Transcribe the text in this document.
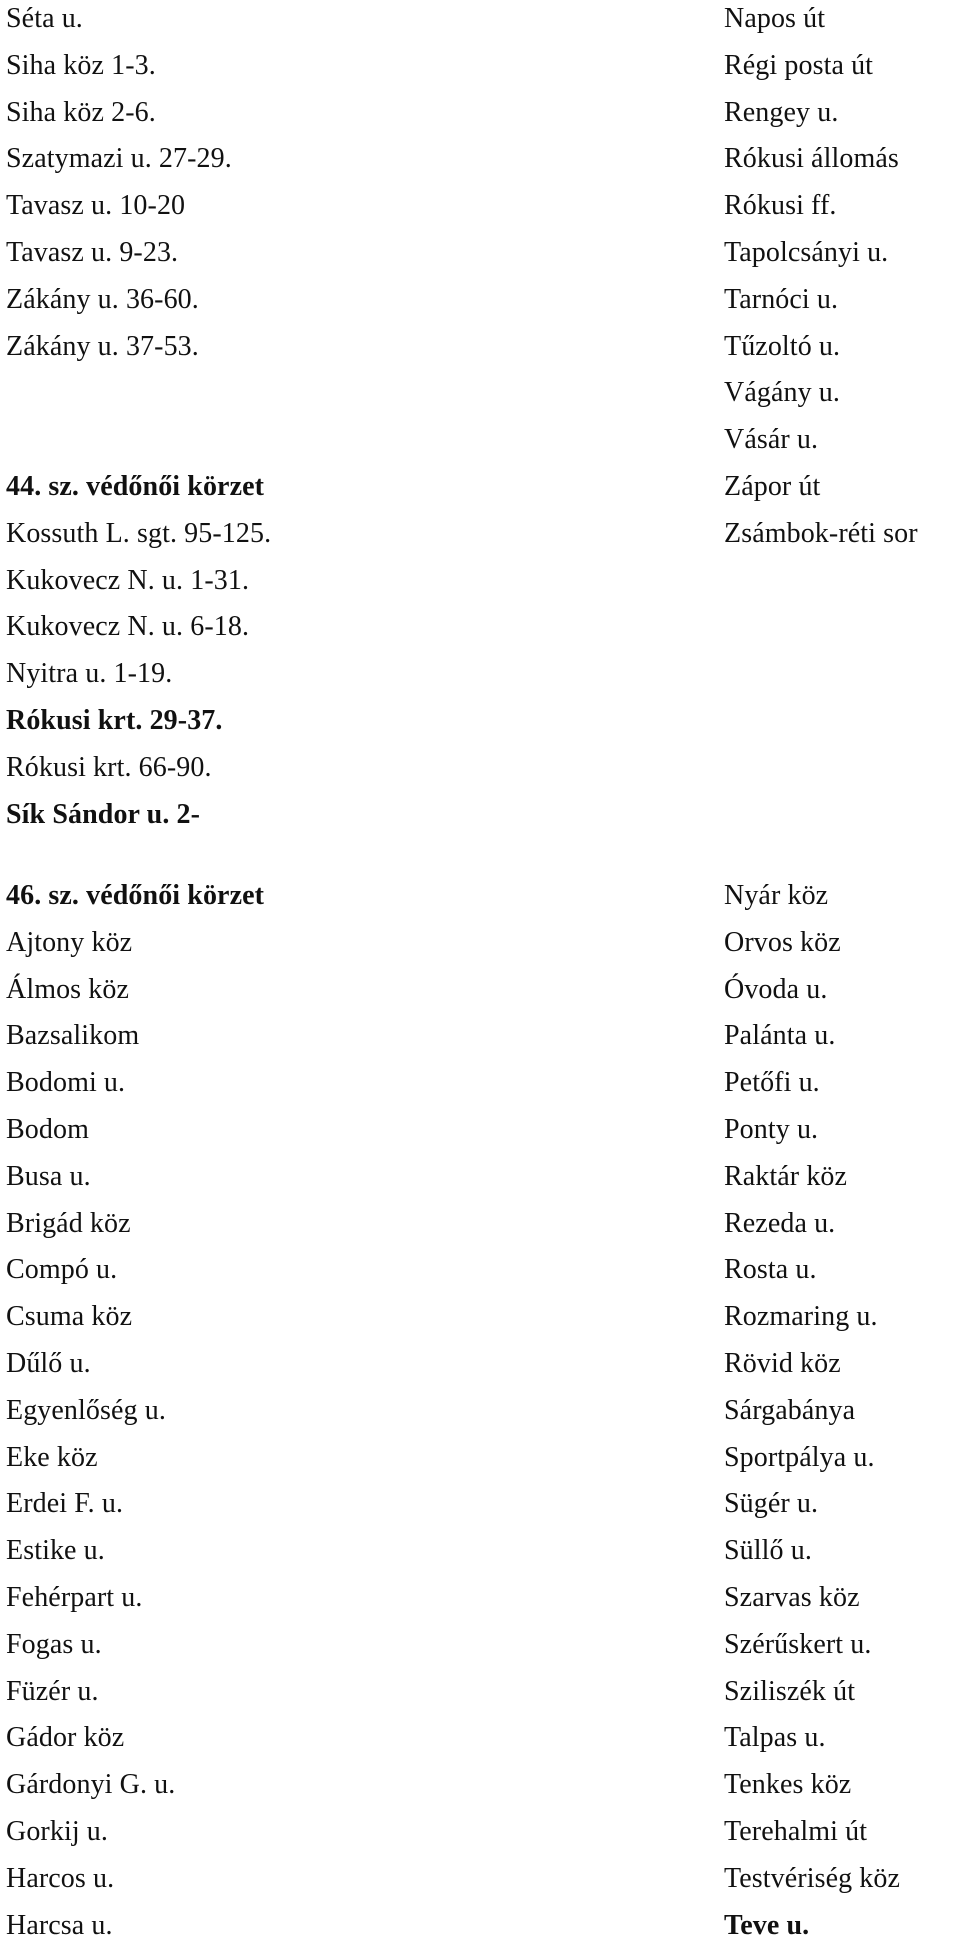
Séta u.
Siha köz 1-3.
Siha köz 2-6.
Szatymazi u. 27-29.
Tavasz u. 10-20
Tavasz u. 9-23.
Zákány u. 36-60.
Zákány u. 37-53.
44. sz. védőnői körzet
Kossuth L. sgt. 95-125.
Kukovecz N. u. 1-31.
Kukovecz N. u. 6-18.
Nyitra u. 1-19.
Rókusi krt. 29-37.
Rókusi krt. 66-90.
Sík Sándor u. 2-
Napos út
Régi posta út
Rengey u.
Rókusi állomás
Rókusi ff.
Tapolcsányi u.
Tarnóci u.
Tűzoltó u.
Vágány u.
Vásár u.
Zápor út
Zsámbok-réti sor
46. sz. védőnői körzet
Ajtony köz
Álmos köz
Bazsalikom
Bodomi u.
Bodom
Busa u.
Brigád köz
Compó u.
Csuma köz
Dűlő u.
Egyenlőség u.
Eke köz
Erdei F. u.
Estike u.
Fehérpart u.
Fogas u.
Füzér u.
Gádor köz
Gárdonyi G. u.
Gorkij u.
Harcos u.
Harcsa u.
Nyár köz
Orvos köz
Óvoda u.
Palánta u.
Petőfi u.
Ponty u.
Raktár köz
Rezeda u.
Rosta u.
Rozmaring u.
Rövid köz
Sárgabánya
Sportpálya u.
Sügér u.
Süllő u.
Szarvas köz
Szérűskert u.
Sziliszék út
Talpas u.
Tenkes köz
Terehalmi út
Testvériség köz
Teve u.
